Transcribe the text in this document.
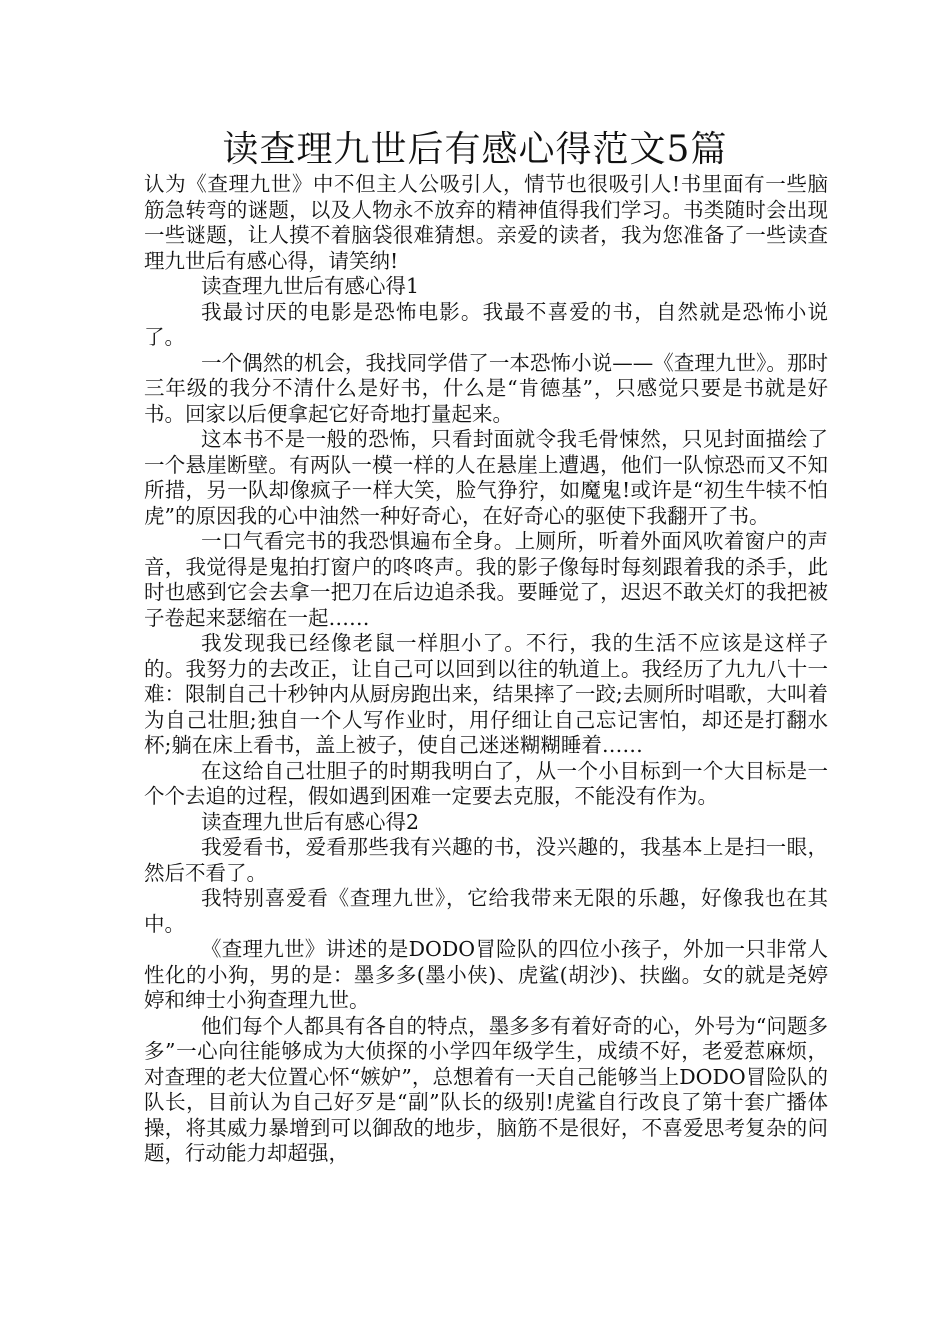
读查理九世后有感心得范文5篇

认为《查理九世》中不但主人公吸引人，情节也很吸引人!书里面有一些脑筋急转弯的谜题，以及人物永不放弃的精神值得我们学习。书类随时会出现一些谜题，让人摸不着脑袋很难猜想。亲爱的读者，我为您准备了一些读查理九世后有感心得，请笑纳!

读查理九世后有感心得1

我最讨厌的电影是恐怖电影。我最不喜爱的书，自然就是恐怖小说了。

一个偶然的机会，我找同学借了一本恐怖小说——《查理九世》。那时三年级的我分不清什么是好书，什么是“肯德基”，只感觉只要是书就是好书。回家以后便拿起它好奇地打量起来。

这本书不是一般的恐怖，只看封面就令我毛骨悚然，只见封面描绘了一个悬崖断壁。有两队一模一样的人在悬崖上遭遇，他们一队惊恐而又不知所措，另一队却像疯子一样大笑，脸气狰狞，如魔鬼!或许是“初生牛犊不怕虎”的原因我的心中油然一种好奇心，在好奇心的驱使下我翻开了书。

一口气看完书的我恐惧遍布全身。上厕所，听着外面风吹着窗户的声音，我觉得是鬼拍打窗户的咚咚声。我的影子像每时每刻跟着我的杀手，此时也感到它会去拿一把刀在后边追杀我。要睡觉了，迟迟不敢关灯的我把被子卷起来瑟缩在一起……

我发现我已经像老鼠一样胆小了。不行，我的生活不应该是这样子的。我努力的去改正，让自己可以回到以往的轨道上。我经历了九九八十一难：限制自己十秒钟内从厨房跑出来，结果摔了一跤;去厕所时唱歌，大叫着为自己壮胆;独自一个人写作业时，用仔细让自己忘记害怕，却还是打翻水杯;躺在床上看书，盖上被子，使自己迷迷糊糊睡着……

在这给自己壮胆子的时期我明白了，从一个小目标到一个大目标是一个个去追的过程，假如遇到困难一定要去克服，不能没有作为。

读查理九世后有感心得2

我爱看书，爱看那些我有兴趣的书，没兴趣的，我基本上是扫一眼，然后不看了。

我特别喜爱看《查理九世》，它给我带来无限的乐趣，好像我也在其中。

《查理九世》讲述的是DODO冒险队的四位小孩子，外加一只非常人性化的小狗，男的是：墨多多(墨小侠)、虎鲨(胡沙)、扶幽。女的就是尧婷婷和绅士小狗查理九世。

他们每个人都具有各自的特点，墨多多有着好奇的心，外号为“问题多多”一心向往能够成为大侦探的小学四年级学生，成绩不好，老爱惹麻烦，对查理的老大位置心怀“嫉妒”，总想着有一天自己能够当上DODO冒险队的队长，目前认为自己好歹是“副”队长的级别!虎鲨自行改良了第十套广播体操，将其威力暴增到可以御敌的地步，脑筋不是很好，不喜爱思考复杂的问题，行动能力却超强，
